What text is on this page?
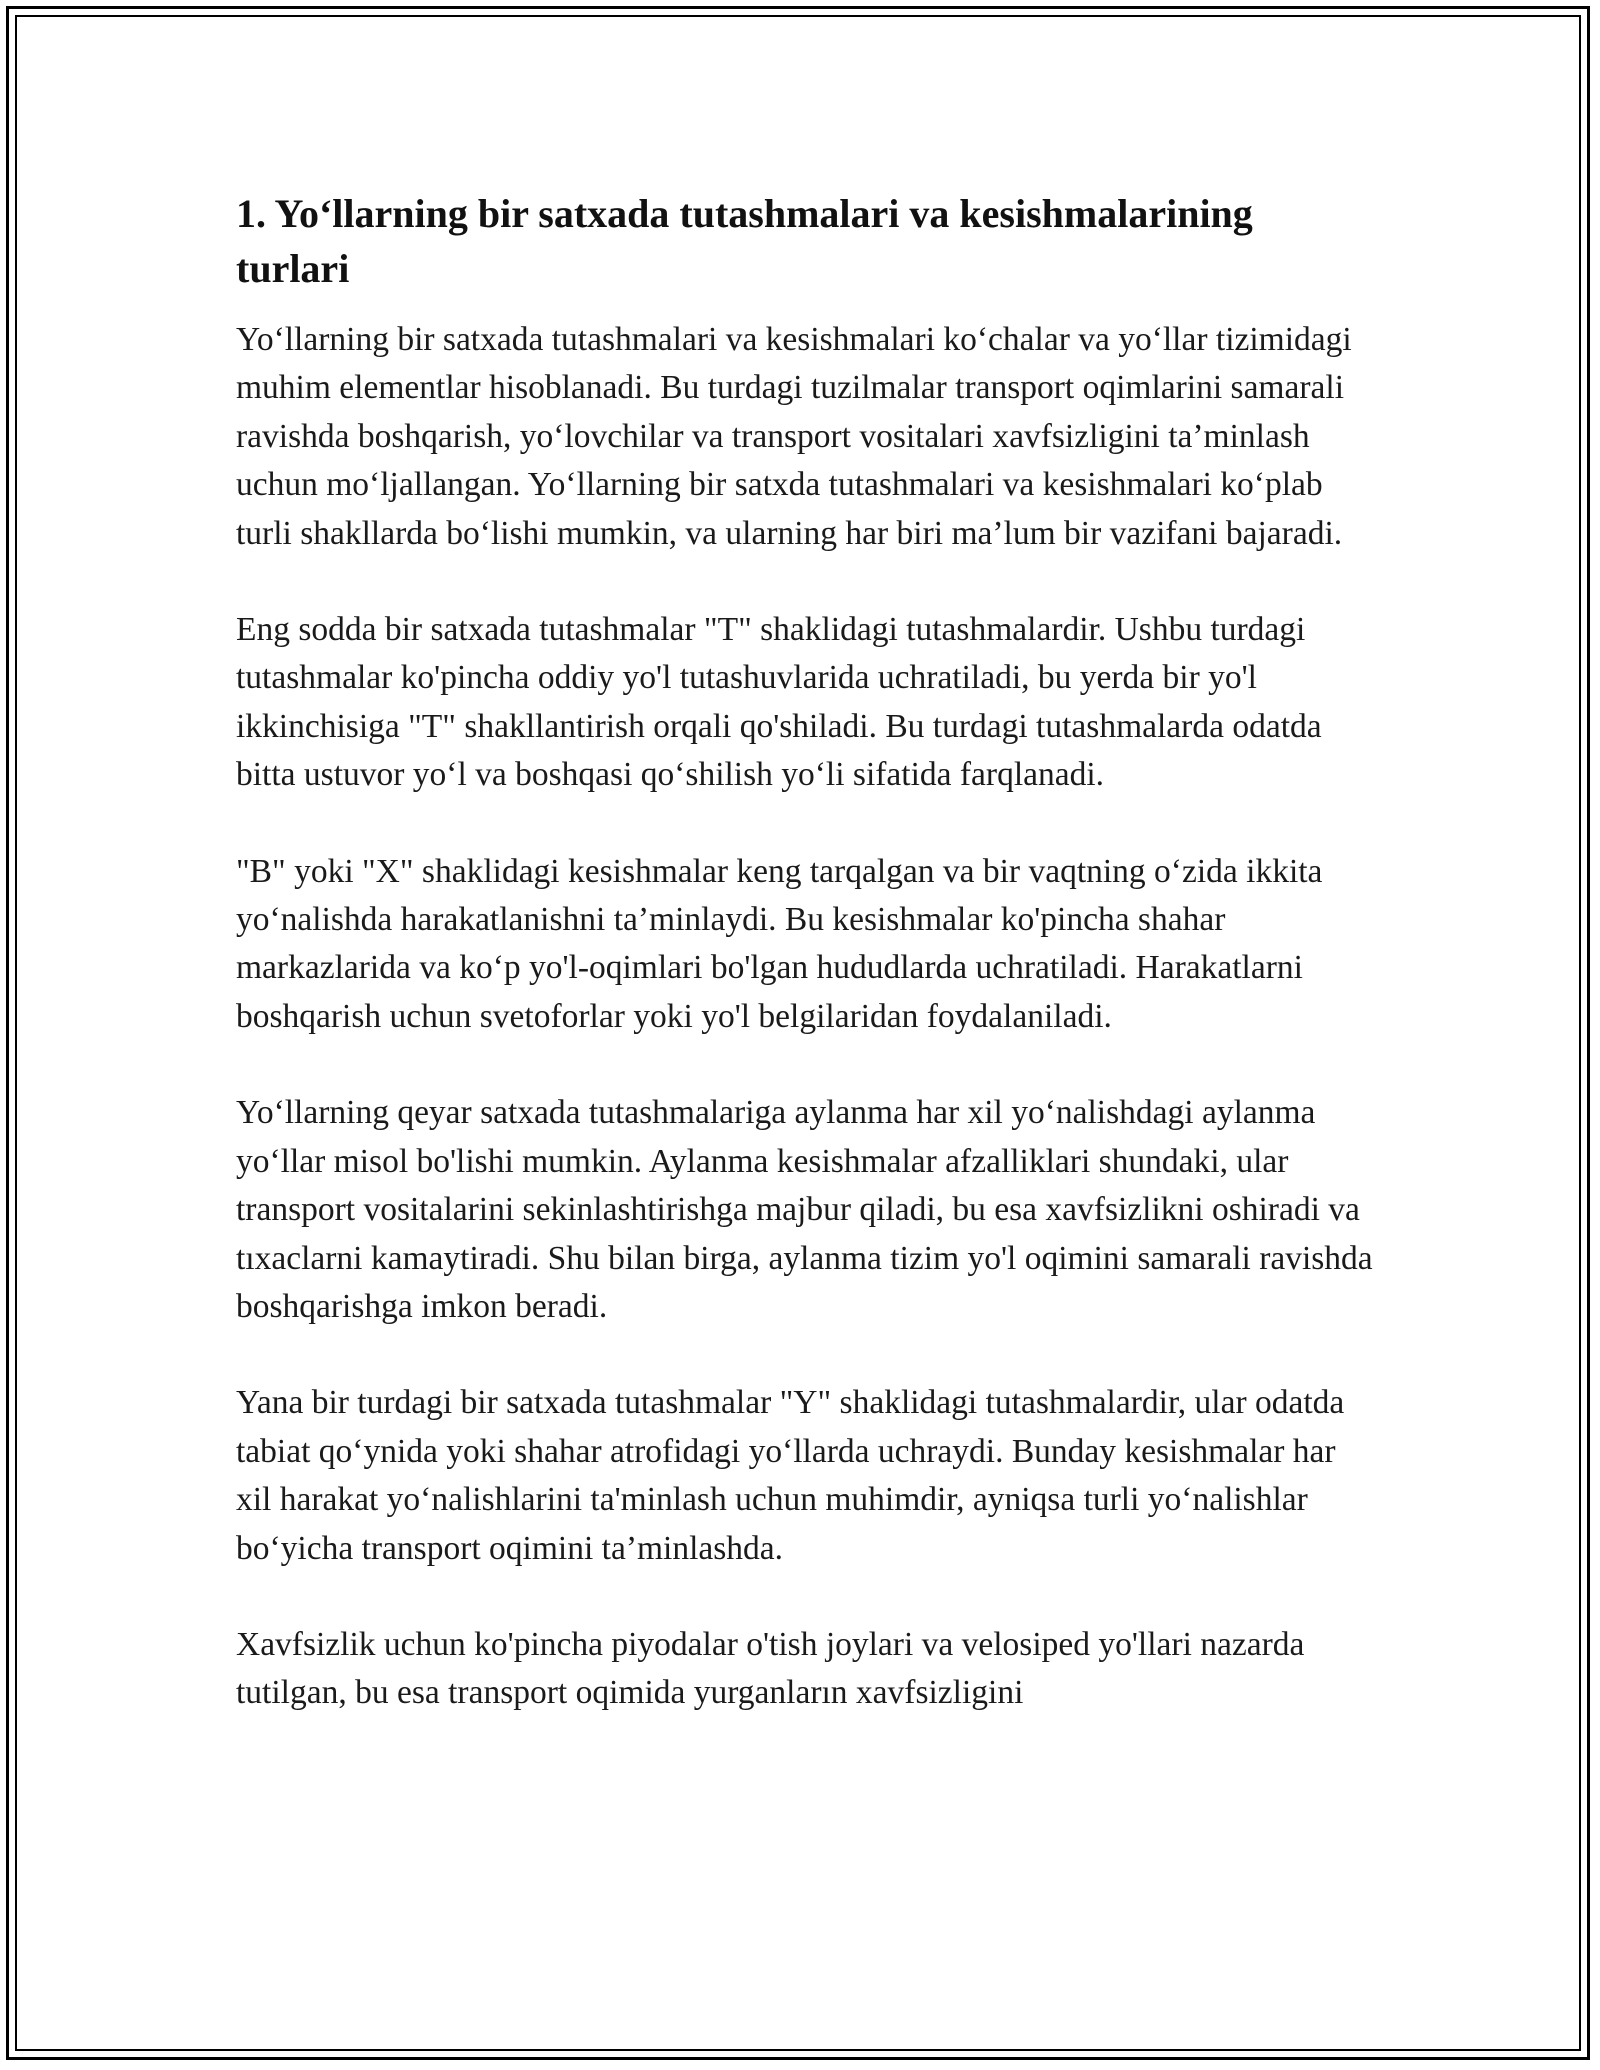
1. Yo‘llarning bir satxada tutashmalari va kesishmalarining turlari

Yo‘llarning bir satxada tutashmalari va kesishmalari ko‘chalar va yo‘llar tizimidagi muhim elementlar hisoblanadi. Bu turdagi tuzilmalar transport oqimlarini samarali ravishda boshqarish, yo‘lovchilar va transport vositalari xavfsizligini ta’minlash uchun mo‘ljallangan. Yo‘llarning bir satxda tutashmalari va kesishmalari ko‘plab turli shakllarda bo‘lishi mumkin, va ularning har biri ma’lum bir vazifani bajaradi.

Eng sodda bir satxada tutashmalar "T" shaklidagi tutashmalardir. Ushbu turdagi tutashmalar ko'pincha oddiy yo'l tutashuvlarida uchratiladi, bu yerda bir yo'l ikkinchisiga "T" shakllantirish orqali qo'shiladi. Bu turdagi tutashmalarda odatda bitta ustuvor yo‘l va boshqasi qo‘shilish yo‘li sifatida farqlanadi.

"B" yoki "X" shaklidagi kesishmalar keng tarqalgan va bir vaqtning o‘zida ikkita yo‘nalishda harakatlanishni ta’minlaydi. Bu kesishmalar ko'pincha shahar markazlarida va ko‘p yo'l-oqimlari bo'lgan hududlarda uchratiladi. Harakatlarni boshqarish uchun svetoforlar yoki yo'l belgilaridan foydalaniladi.

Yo‘llarning qeyar satxada tutashmalariga aylanma har xil yo‘nalishdagi aylanma yo‘llar misol bo'lishi mumkin. Aylanma kesishmalar afzalliklari shundaki, ular transport vositalarini sekinlashtirishga majbur qiladi, bu esa xavfsizlikni oshiradi va tıxaclarni kamaytiradi. Shu bilan birga, aylanma tizim yo'l oqimini samarali ravishda boshqarishga imkon beradi.

Yana bir turdagi bir satxada tutashmalar "Y" shaklidagi tutashmalardir, ular odatda tabiat qo‘ynida yoki shahar atrofidagi yo‘llarda uchraydi. Bunday kesishmalar har xil harakat yo‘nalishlarini ta'minlash uchun muhimdir, ayniqsa turli yo‘nalishlar bo‘yicha transport oqimini ta’minlashda.

Xavfsizlik uchun ko'pincha piyodalar o'tish joylari va velosiped yo'llari nazarda tutilgan, bu esa transport oqimida yurganların xavfsizligini
